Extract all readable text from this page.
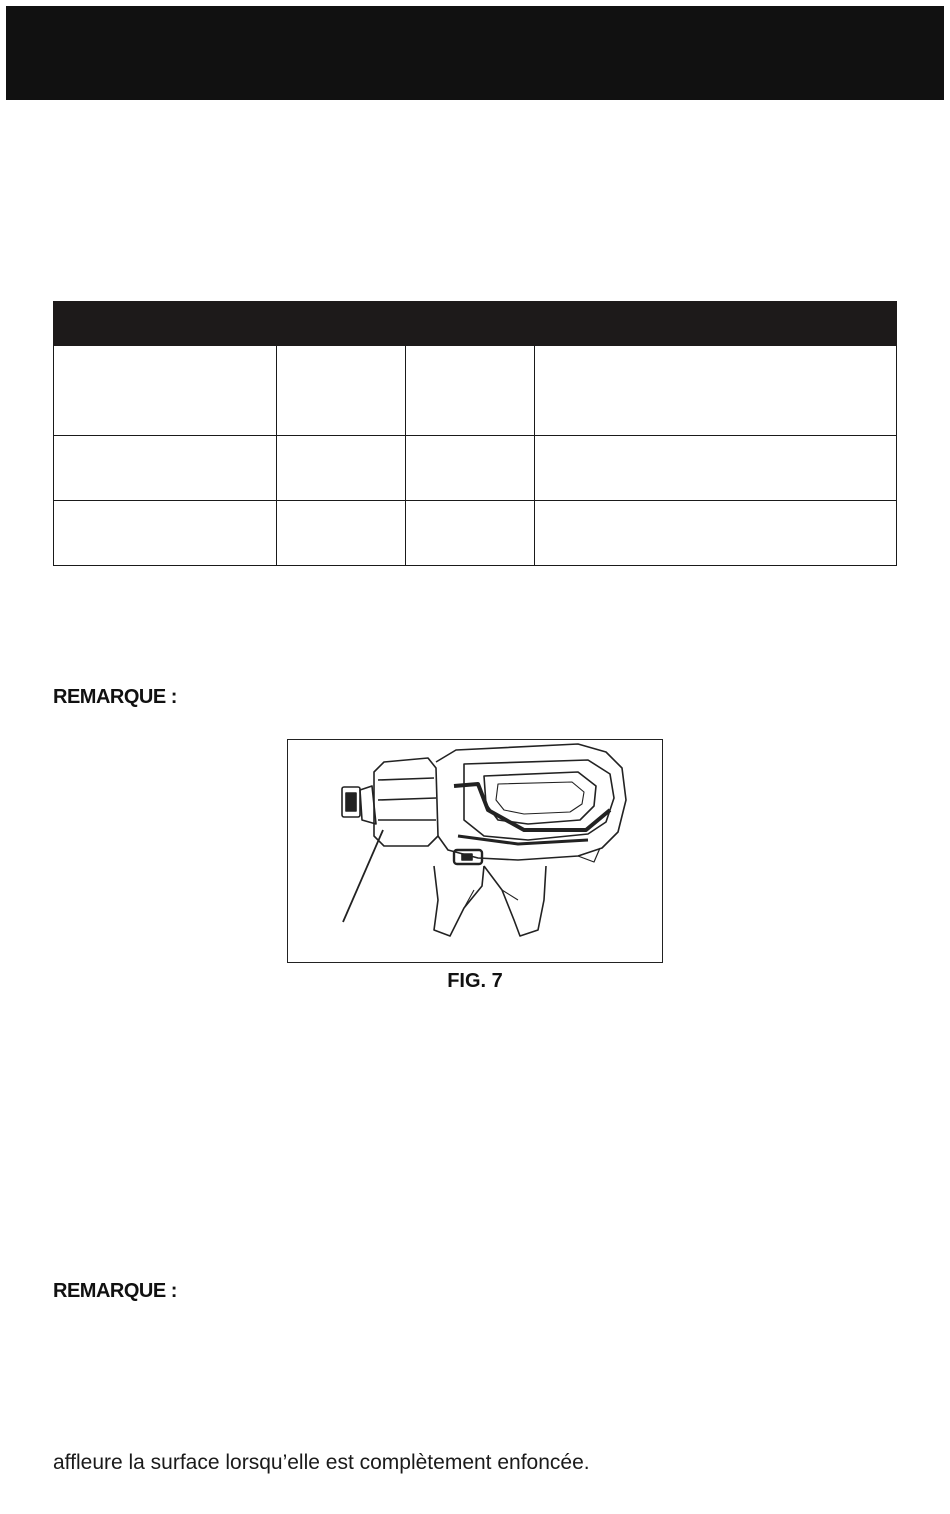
REMARQUE :
FIG. 7
REMARQUE :
affleure la surface lorsqu’elle est complètement enfoncée.
